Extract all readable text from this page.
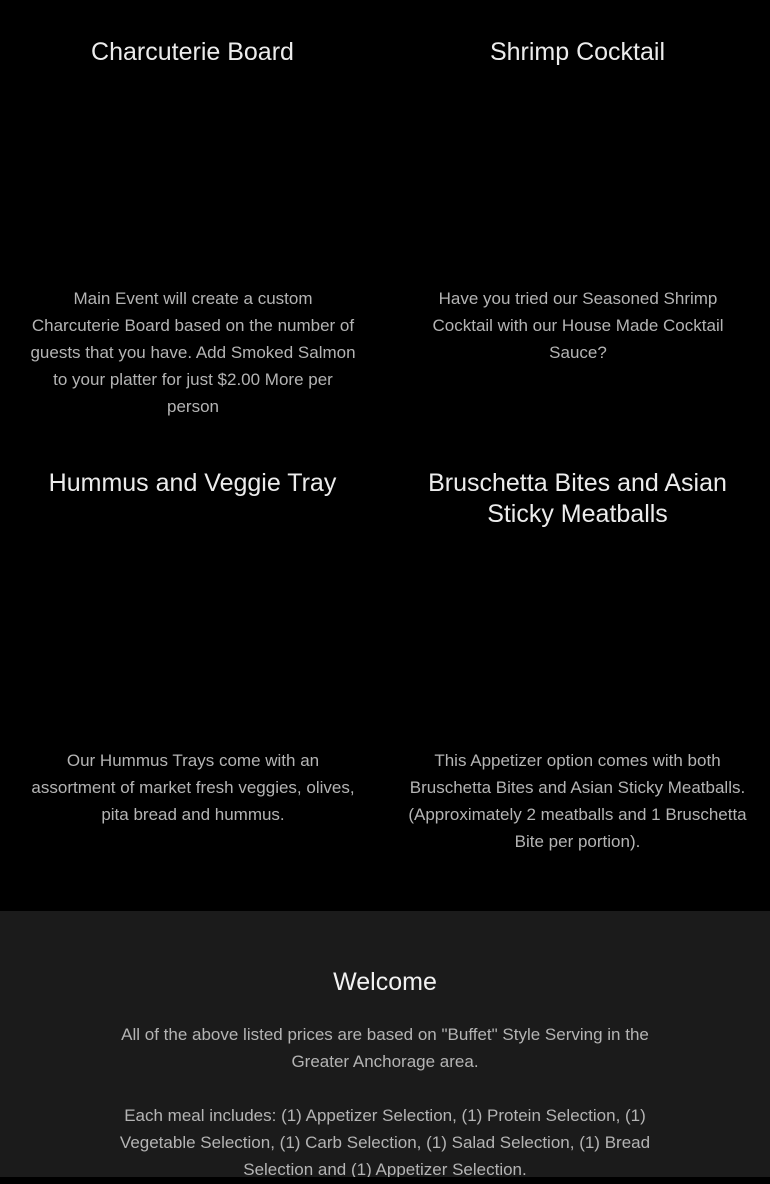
Charcuterie Board

Main Event will create a custom Charcuterie Board based on the number of guests that you have. Add Smoked Salmon to your platter for just $2.00 More per person

Shrimp Cocktail

Have you tried our Seasoned Shrimp Cocktail with our House Made Cocktail Sauce?

Hummus and Veggie Tray

Our Hummus Trays come with an assortment of market fresh veggies, olives, pita bread and hummus.

Bruschetta Bites and Asian Sticky Meatballs

This Appetizer option comes with both Bruschetta Bites and Asian Sticky Meatballs. (Approximately 2 meatballs and 1 Bruschetta Bite per portion).

Welcome

All of the above listed prices are based on "Buffet" Style Serving in the Greater Anchorage area.

Each meal includes: (1) Appetizer Selection, (1) Protein Selection, (1) Vegetable Selection, (1) Carb Selection, (1) Salad Selection, (1) Bread Selection and (1) Appetizer Selection.
